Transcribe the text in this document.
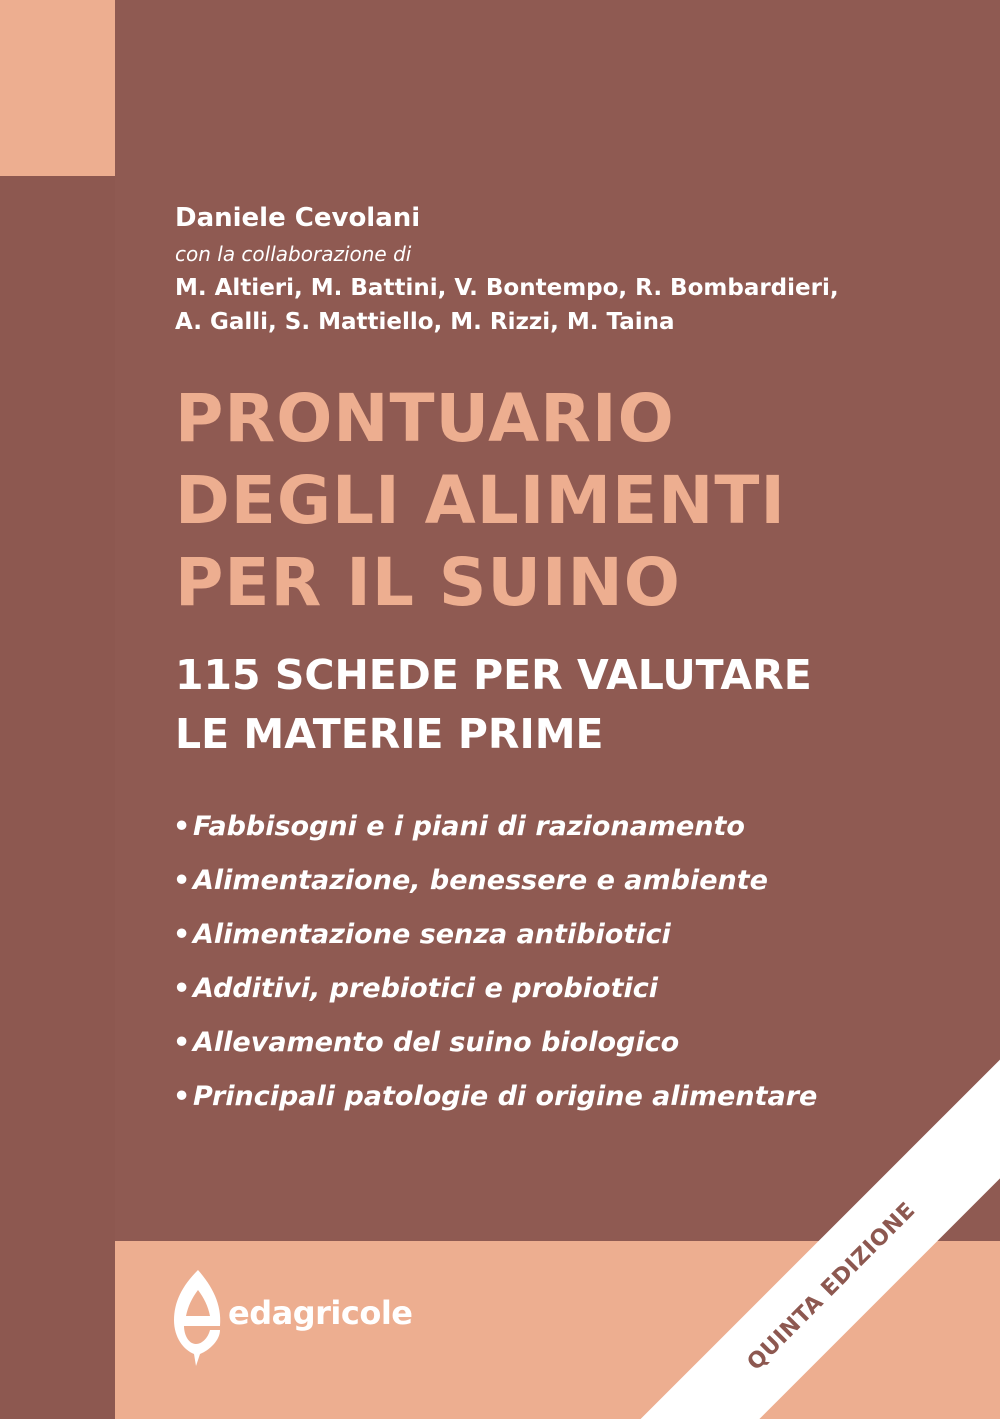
Daniele Cevolani
con la collaborazione di
M. Altieri, M. Battini, V. Bontempo, R. Bombardieri,
A. Galli, S. Mattiello, M. Rizzi, M. Taina
PRONTUARIO
DEGLI ALIMENTI
PER IL SUINO
115 SCHEDE PER VALUTARE
LE MATERIE PRIME
• Fabbisogni e i piani di razionamento
• Alimentazione, benessere e ambiente
• Alimentazione senza antibiotici
• Additivi, prebiotici e probiotici
• Allevamento del suino biologico
• Principali patologie di origine alimentare
edagricole	QUINTA EDIZIONE
